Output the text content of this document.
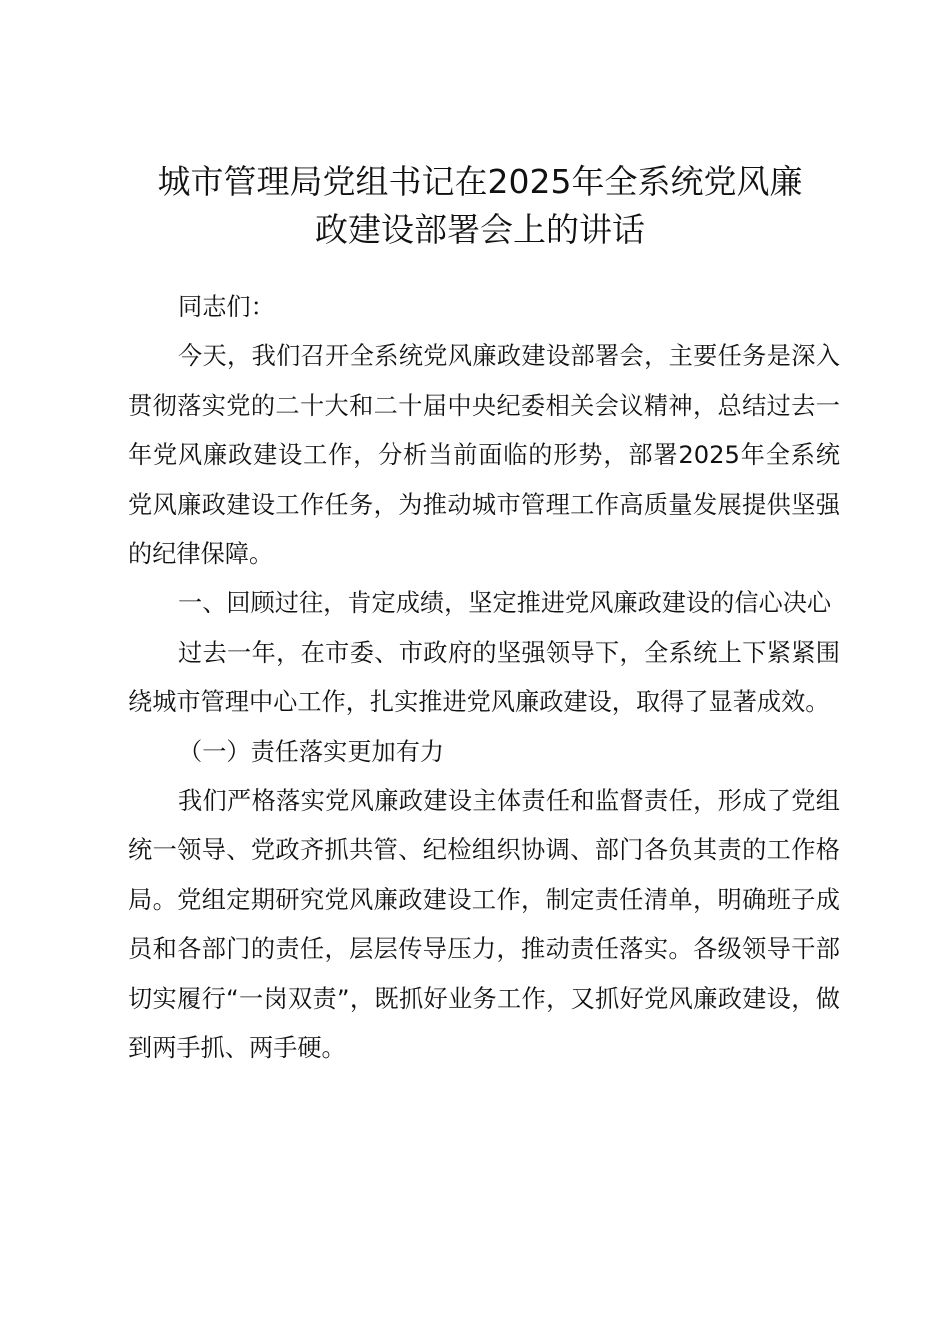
城市管理局党组书记在2025年全系统党风廉
政建设部署会上的讲话

同志们：

今天，我们召开全系统党风廉政建设部署会，主要任务是深入贯彻落实党的二十大和二十届中央纪委相关会议精神，总结过去一年党风廉政建设工作，分析当前面临的形势，部署2025年全系统党风廉政建设工作任务，为推动城市管理工作高质量发展提供坚强的纪律保障。

一、回顾过往，肯定成绩，坚定推进党风廉政建设的信心决心

过去一年，在市委、市政府的坚强领导下，全系统上下紧紧围绕城市管理中心工作，扎实推进党风廉政建设，取得了显著成效。

（一）责任落实更加有力

我们严格落实党风廉政建设主体责任和监督责任，形成了党组统一领导、党政齐抓共管、纪检组织协调、部门各负其责的工作格局。党组定期研究党风廉政建设工作，制定责任清单，明确班子成员和各部门的责任，层层传导压力，推动责任落实。各级领导干部切实履行“一岗双责”，既抓好业务工作，又抓好党风廉政建设，做到两手抓、两手硬。
